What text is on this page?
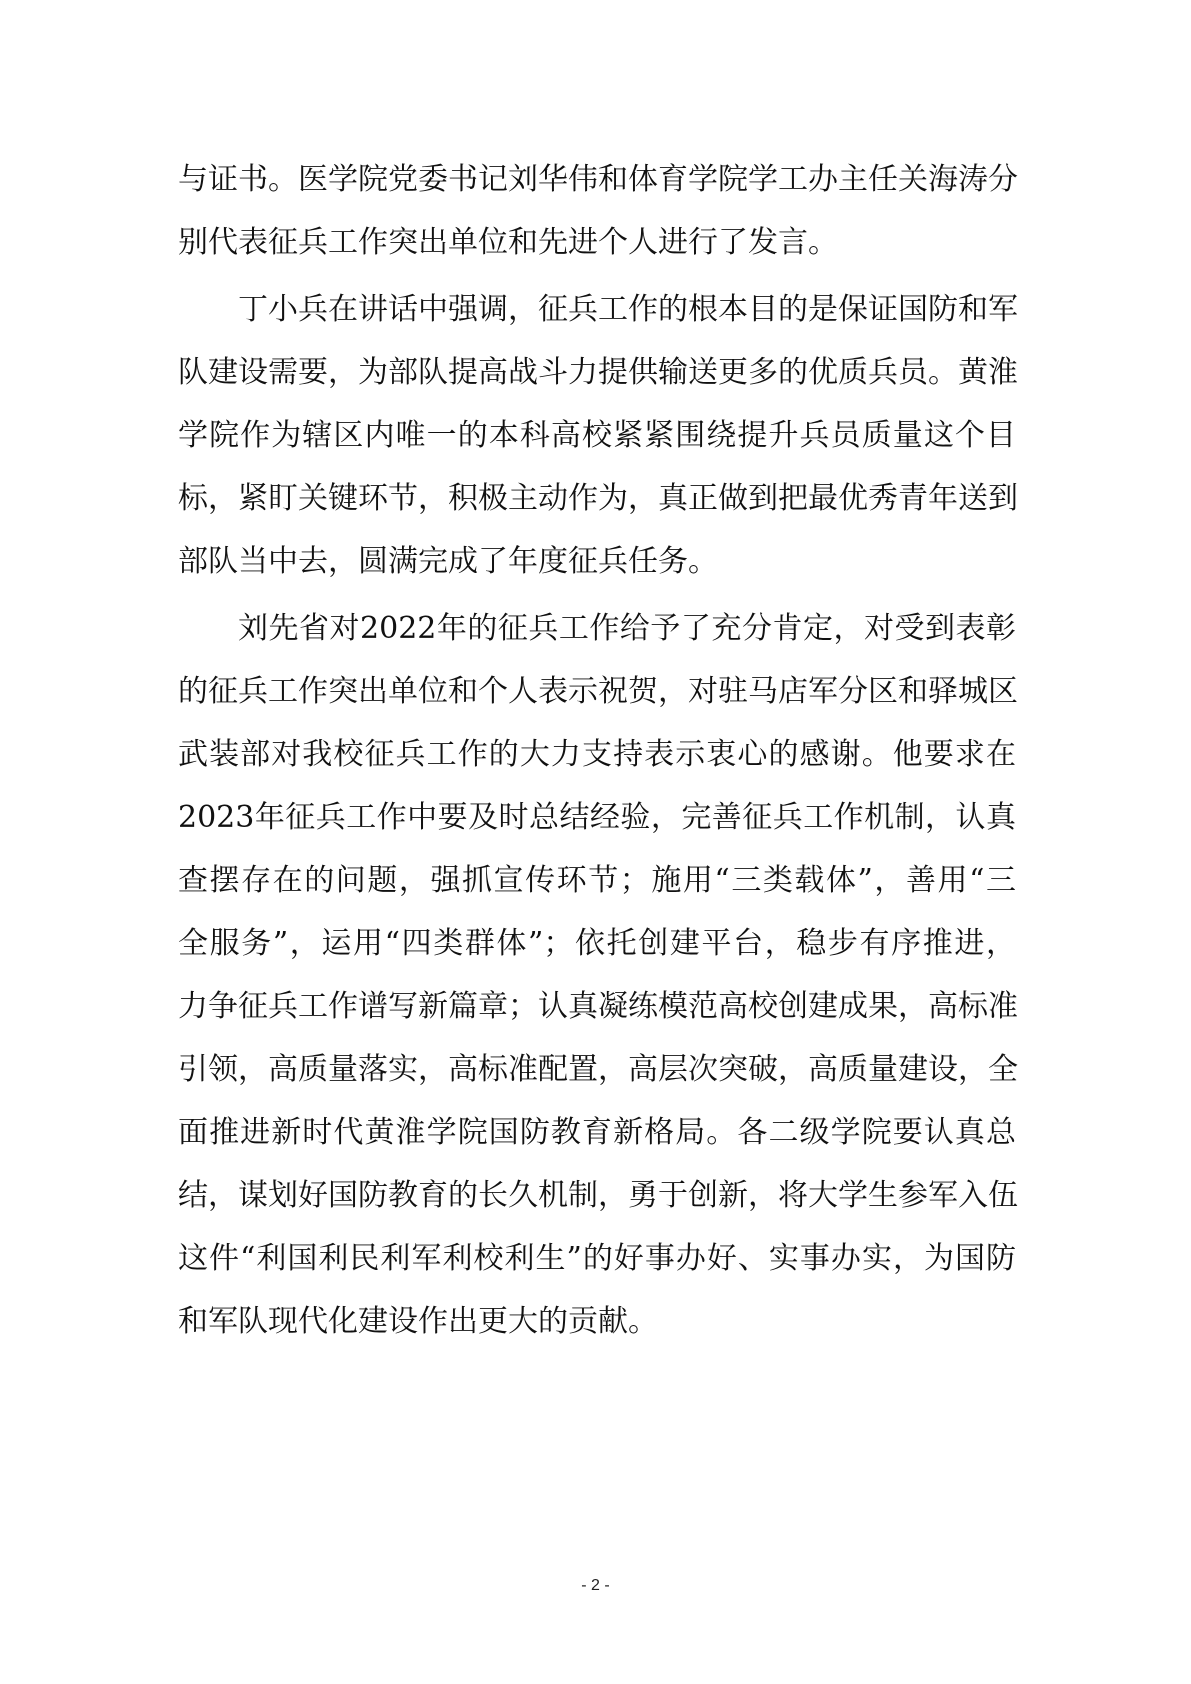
与证书。医学院党委书记刘华伟和体育学院学工办主任关海涛分
别代表征兵工作突出单位和先进个人进行了发言。
丁小兵在讲话中强调，征兵工作的根本目的是保证国防和军
队建设需要，为部队提高战斗力提供输送更多的优质兵员。黄淮
学院作为辖区内唯一的本科高校紧紧围绕提升兵员质量这个目
标，紧盯关键环节，积极主动作为，真正做到把最优秀青年送到
部队当中去，圆满完成了年度征兵任务。
刘先省对2022年的征兵工作给予了充分肯定，对受到表彰
的征兵工作突出单位和个人表示祝贺，对驻马店军分区和驿城区
武装部对我校征兵工作的大力支持表示衷心的感谢。他要求在
2023年征兵工作中要及时总结经验，完善征兵工作机制，认真
查摆存在的问题，强抓宣传环节；施用“三类载体”，善用“三
全服务”，运用“四类群体”；依托创建平台，稳步有序推进，
力争征兵工作谱写新篇章；认真凝练模范高校创建成果，高标准
引领，高质量落实，高标准配置，高层次突破，高质量建设，全
面推进新时代黄淮学院国防教育新格局。各二级学院要认真总
结，谋划好国防教育的长久机制，勇于创新，将大学生参军入伍
这件“利国利民利军利校利生”的好事办好、实事办实，为国防
和军队现代化建设作出更大的贡献。
- 2 -
